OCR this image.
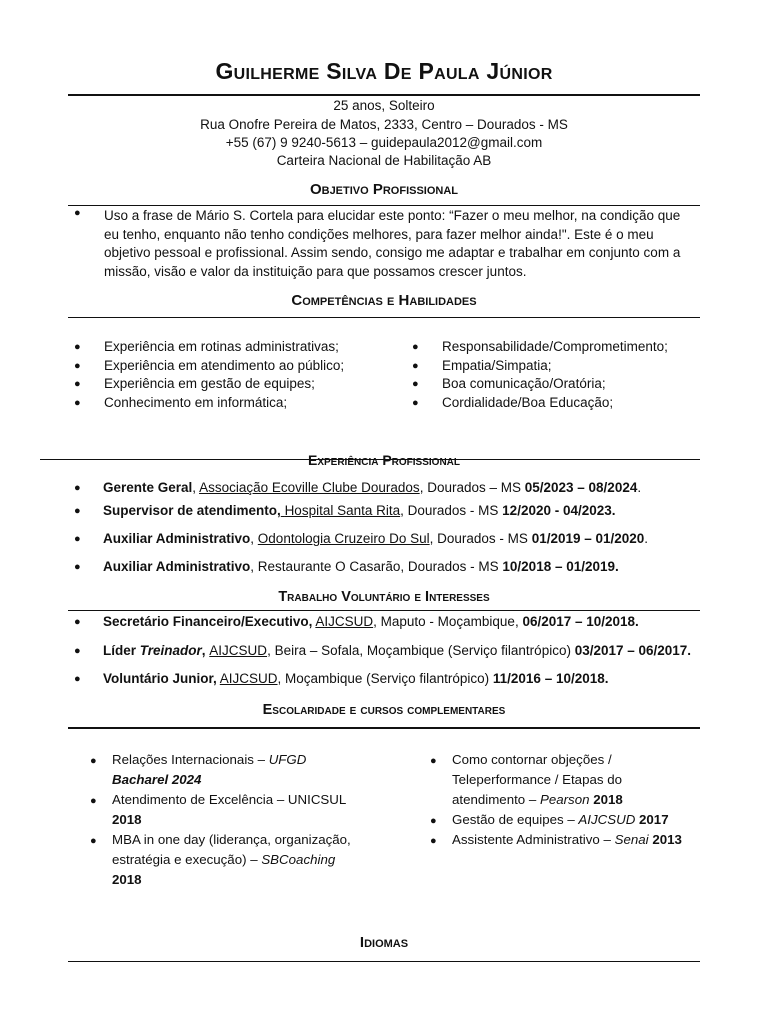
Guilherme Silva De Paula Júnior
25 anos, Solteiro
Rua Onofre Pereira de Matos, 2333, Centro – Dourados - MS
+55 (67) 9 9240-5613 – guidepaula2012@gmail.com
Carteira Nacional de Habilitação AB
Objetivo Profissional
● Uso a frase de Mário S. Cortela para elucidar este ponto: “Fazer o meu melhor, na condição que
eu tenho, enquanto não tenho condições melhores, para fazer melhor ainda!". Este é o meu
objetivo pessoal e profissional. Assim sendo, consigo me adaptar e trabalhar em conjunto com a
missão, visão e valor da instituição para que possamos crescer juntos.
Competências e Habilidades
● Experiência em rotinas administrativas;
● Experiência em atendimento ao público;
● Experiência em gestão de equipes;
● Conhecimento em informática;
● Responsabilidade/Comprometimento;
● Empatia/Simpatia;
● Boa comunicação/Oratória;
● Cordialidade/Boa Educação;
Experiência Profissional
● Gerente Geral, Associação Ecoville Clube Dourados, Dourados – MS 05/2023 – 08/2024.
● Supervisor de atendimento, Hospital Santa Rita, Dourados - MS 12/2020 - 04/2023.
● Auxiliar Administrativo, Odontologia Cruzeiro Do Sul, Dourados - MS 01/2019 – 01/2020.
● Auxiliar Administrativo, Restaurante O Casarão, Dourados - MS 10/2018 – 01/2019.
Trabalho Voluntário e Interesses
● Secretário Financeiro/Executivo, AIJCSUD, Maputo - Moçambique, 06/2017 – 10/2018.
● Líder Treinador, AIJCSUD, Beira – Sofala, Moçambique (Serviço filantrópico) 03/2017 – 06/2017.
● Voluntário Junior, AIJCSUD, Moçambique (Serviço filantrópico) 11/2016 – 10/2018.
Escolaridade e cursos complementares
● Relações Internacionais – UFGD
Bacharel 2024
● Atendimento de Excelência – UNICSUL
2018
● MBA in one day (liderança, organização,
estratégia e execução) – SBCoaching
2018
● Como contornar objeções /
Teleperformance / Etapas do
atendimento – Pearson 2018
● Gestão de equipes – AIJCSUD 2017
● Assistente Administrativo – Senai 2013
Idiomas
